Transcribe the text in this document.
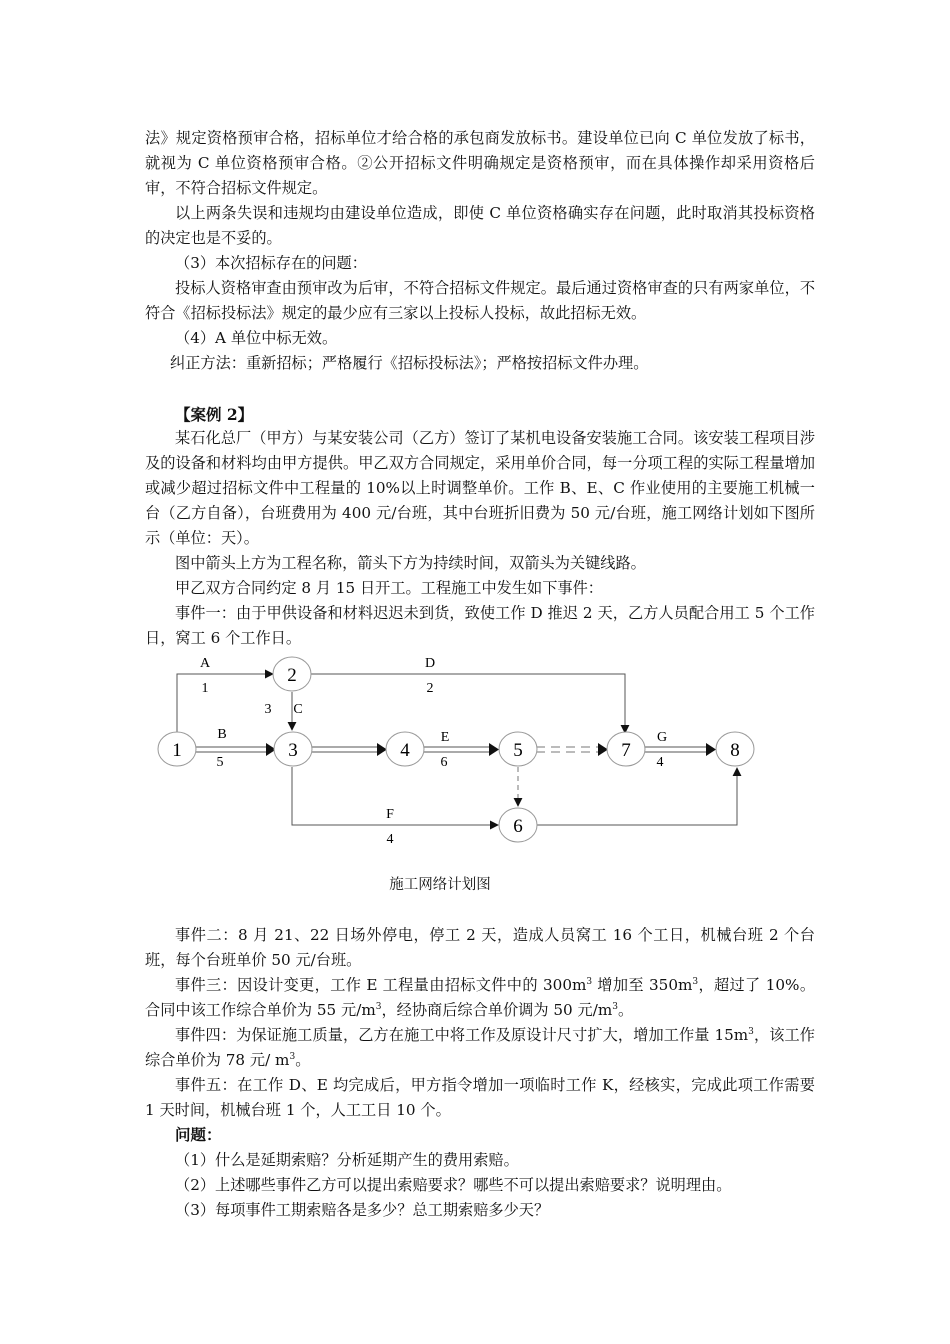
法》规定资格预审合格，招标单位才给合格的承包商发放标书。建设单位已向 C 单位发放了标书，就视为 C 单位资格预审合格。②公开招标文件明确规定是资格预审，而在具体操作却采用资格后审，不符合招标文件规定。

以上两条失误和违规均由建设单位造成，即使 C 单位资格确实存在问题，此时取消其投标资格的决定也是不妥的。

（3）本次招标存在的问题：

投标人资格审查由预审改为后审，不符合招标文件规定。最后通过资格审查的只有两家单位，不符合《招标投标法》规定的最少应有三家以上投标人投标，故此招标无效。

（4）A 单位中标无效。

纠正方法：重新招标；严格履行《招标投标法》；严格按招标文件办理。

【案例 2】

某石化总厂（甲方）与某安装公司（乙方）签订了某机电设备安装施工合同。该安装工程项目涉及的设备和材料均由甲方提供。甲乙双方合同规定，采用单价合同，每一分项工程的实际工程量增加或减少超过招标文件中工程量的 10%以上时调整单价。工作 B、E、C 作业使用的主要施工机械一台（乙方自备），台班费用为 400 元/台班，其中台班折旧费为 50 元/台班，施工网络计划如下图所示（单位：天）。

图中箭头上方为工程名称，箭头下方为持续时间，双箭头为关键线路。

甲乙双方合同约定 8 月 15 日开工。工程施工中发生如下事件：

事件一：由于甲供设备和材料迟迟未到货，致使工作 D 推迟 2 天，乙方人员配合用工 5 个工作日，窝工 6 个工作日。

1
2
3	4	5
6
7	8
A
1
D
2
3 C
B
5
E
6
G
4
F
4

施工网络计划图

事件二：8 月 21、22 日场外停电，停工 2 天，造成人员窝工 16 个工日，机械台班 2 个台班，每个台班单价 50 元/台班。

事件三：因设计变更，工作 E 工程量由招标文件中的 $300m^3$ 增加至 $350m^3$，超过了 10%。合同中该工作综合单价为 55 元$/m^3$，经协商后综合单价调为 50 元$/m^3$。

事件四：为保证施工质量，乙方在施工中将工作及原设计尺寸扩大，增加工作量 $15m^3$，该工作综合单价为 78 元/ $m^3$。

事件五：在工作 D、E 均完成后，甲方指令增加一项临时工作 K，经核实，完成此项工作需要 1 天时间，机械台班 1 个，人工工日 10 个。

问题：

（1）什么是延期索赔？分析延期产生的费用索赔。

（2）上述哪些事件乙方可以提出索赔要求？哪些不可以提出索赔要求？说明理由。

（3）每项事件工期索赔各是多少？总工期索赔多少天？
